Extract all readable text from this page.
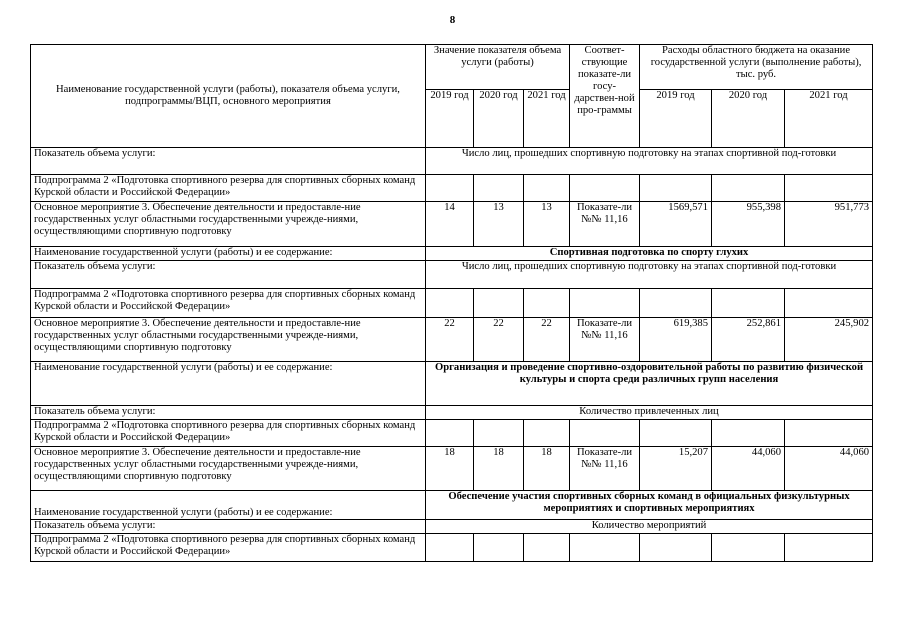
8
Наименование государственной услуги (работы), показателя объема услуги, подпрограммы/ВЦП, основного мероприятия	Значение показателя объема услуги (работы)			Соответ-ствующие показате-ли госу-дарствен-ной про-граммы	Расходы областного бюджета на оказание государственной услуги (выполнение работы), тыс. руб.		
	2019 год	2020 год	2021 год		2019 год	2020 год	2021 год
Показатель объема услуги:	Число лиц, прошедших спортивную подготовку на этапах спортивной под-готовки						
Подпрограмма 2 «Подготовка спортивного резерва для спортивных сборных команд Курской области и Российской Федерации»							
Основное мероприятие 3. Обеспечение деятельности и предоставле-ние государственных услуг областными государственными учрежде-ниями, осуществляющими спортивную подготовку	14	13	13	Показате-ли №№ 11,16	1569,571	955,398	951,773
Наименование государственной услуги (работы) и ее содержание:	Спортивная подготовка по спорту глухих						
Показатель объема услуги:	Число лиц, прошедших спортивную подготовку на этапах спортивной под-готовки						
Подпрограмма 2 «Подготовка спортивного резерва для спортивных сборных команд Курской области и Российской Федерации»							
Основное мероприятие 3. Обеспечение деятельности и предоставле-ние государственных услуг областными государственными учрежде-ниями, осуществляющими спортивную подготовку	22	22	22	Показате-ли №№ 11,16	619,385	252,861	245,902
Наименование государственной услуги (работы) и ее содержание:	Организация и проведение спортивно-оздоровительной работы по развитию физической культуры и спорта среди различных групп населения						
Показатель объема услуги:	Количество привлеченных лиц						
Подпрограмма 2 «Подготовка спортивного резерва для спортивных сборных команд Курской области и Российской Федерации»							
Основное мероприятие 3. Обеспечение деятельности и предоставле-ние государственных услуг областными государственными учрежде-ниями, осуществляющими спортивную подготовку	18	18	18	Показате-ли №№ 11,16	15,207	44,060	44,060
Наименование государственной услуги (работы) и ее содержание:	Обеспечение участия спортивных сборных команд в официальных физкультурных мероприятиях и спортивных мероприятиях						
Показатель объема услуги:	Количество мероприятий						
Подпрограмма 2 «Подготовка спортивного резерва для спортивных сборных команд Курской области и Российской Федерации»							
